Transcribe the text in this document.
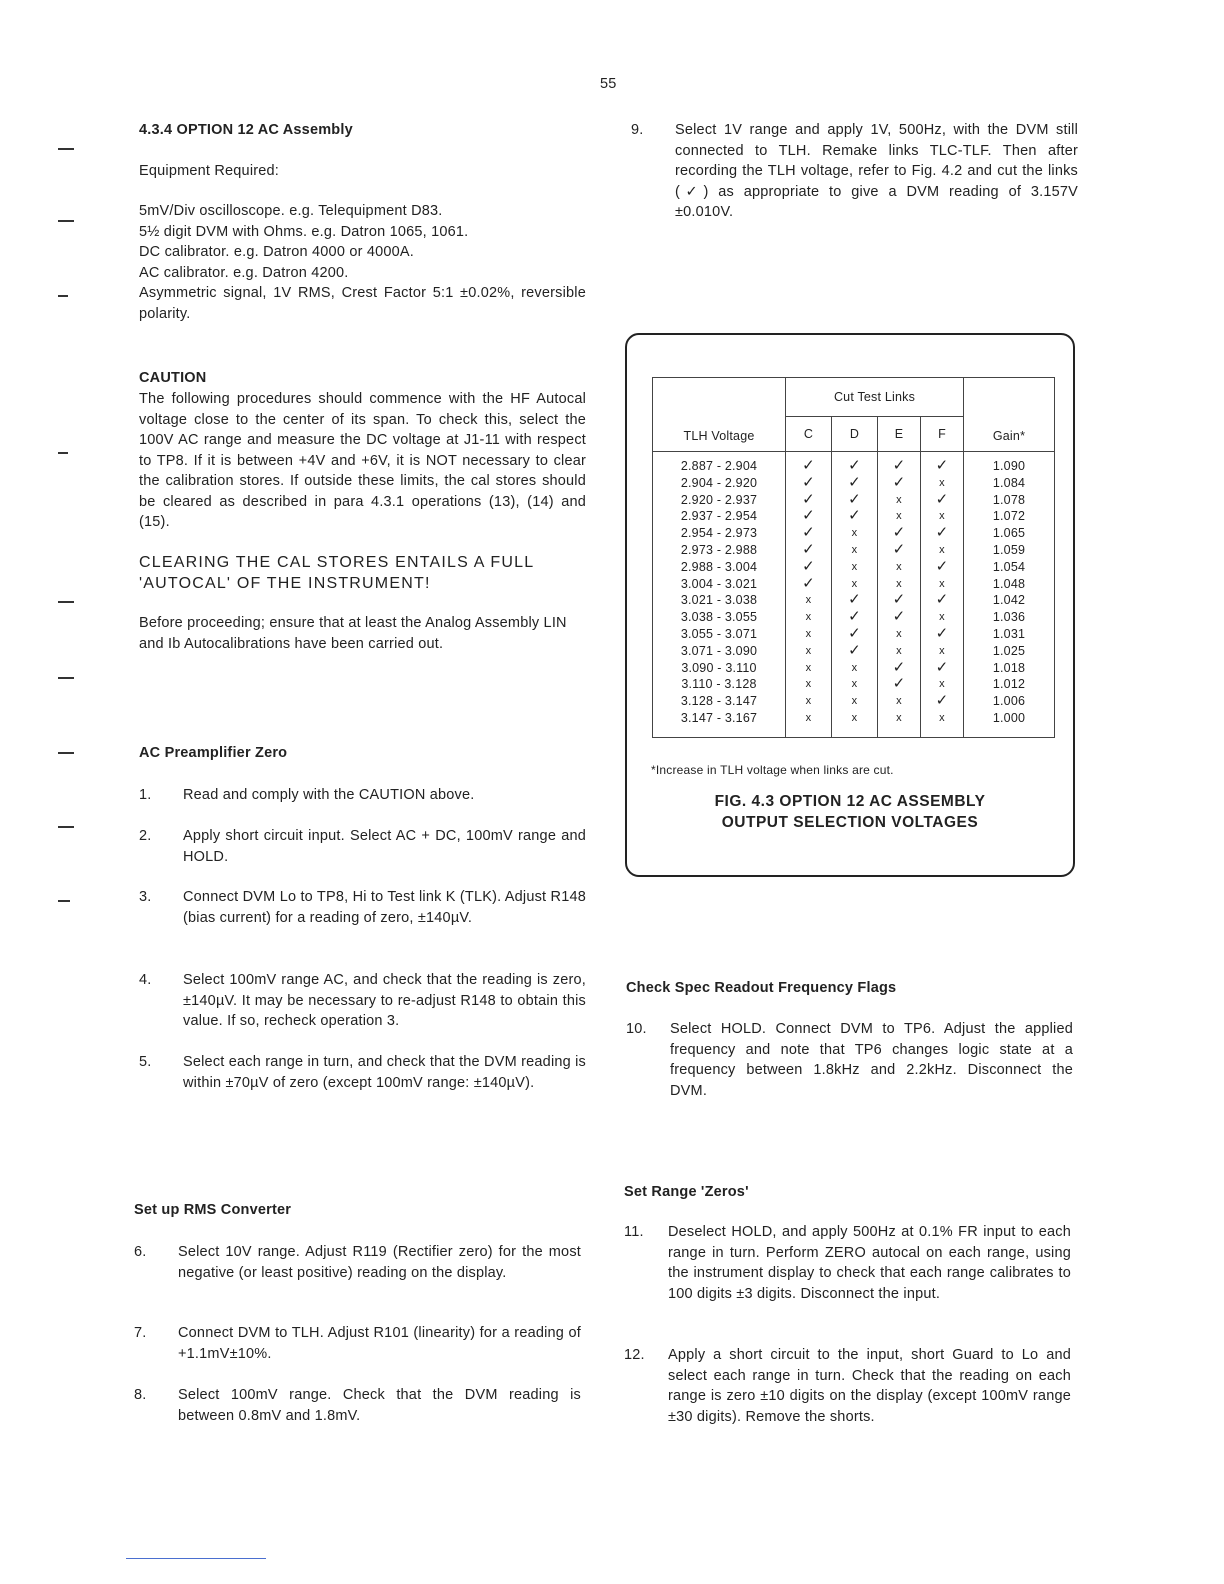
55
4.3.4 OPTION 12 AC Assembly
Equipment Required:
5mV/Div oscilloscope. e.g. Telequipment D83.
5½ digit DVM with Ohms. e.g. Datron 1065, 1061.
DC calibrator. e.g. Datron 4000 or 4000A.
AC calibrator. e.g. Datron 4200.
Asymmetric signal, 1V RMS, Crest Factor 5:1 ±0.02%, reversible polarity.
CAUTION
The following procedures should commence with the HF Autocal voltage close to the center of its span. To check this, select the 100V AC range and measure the DC voltage at J1-11 with respect to TP8. If it is between +4V and +6V, it is NOT necessary to clear the calibration stores. If outside these limits, the cal stores should be cleared as described in para 4.3.1 operations (13), (14) and (15).
CLEARING THE CAL STORES ENTAILS A FULL 'AUTOCAL' OF THE INSTRUMENT!
Before proceeding; ensure that at least the Analog Assembly LIN and Ib Autocalibrations have been carried out.
AC Preamplifier Zero
1.	Read and comply with the CAUTION above.
2.	Apply short circuit input. Select AC + DC, 100mV range and HOLD.
3.	Connect DVM Lo to TP8, Hi to Test link K (TLK). Adjust R148 (bias current) for a reading of zero, ±140µV.
4.	Select 100mV range AC, and check that the reading is zero, ±140µV. It may be necessary to re-adjust R148 to obtain this value. If so, recheck operation 3.
5.	Select each range in turn, and check that the DVM reading is within ±70µV of zero (except 100mV range: ±140µV).
Set up RMS Converter
6.	Select 10V range. Adjust R119 (Rectifier zero) for the most negative (or least positive) reading on the display.
7.	Connect DVM to TLH. Adjust R101 (linearity) for a reading of +1.1mV±10%.
8.	Select 100mV range. Check that the DVM reading is between 0.8mV and 1.8mV.
9.	Select 1V range and apply 1V, 500Hz, with the DVM still connected to TLH. Remake links TLC-TLF. Then after recording the TLH voltage, refer to Fig. 4.2 and cut the links (✓) as appropriate to give a DVM reading of 3.157V ±0.010V.
TLH Voltage	Cut Test Links				Gain*
	C	D	E	F	
2.887 - 2.904	✓	✓	✓	✓	1.090
2.904 - 2.920	✓	✓	✓	x	1.084
2.920 - 2.937	✓	✓	x	✓	1.078
2.937 - 2.954	✓	✓	x	x	1.072
2.954 - 2.973	✓	x	✓	✓	1.065
2.973 - 2.988	✓	x	✓	x	1.059
2.988 - 3.004	✓	x	x	✓	1.054
3.004 - 3.021	✓	x	x	x	1.048
3.021 - 3.038	x	✓	✓	✓	1.042
3.038 - 3.055	x	✓	✓	x	1.036
3.055 - 3.071	x	✓	x	✓	1.031
3.071 - 3.090	x	✓	x	x	1.025
3.090 - 3.110	x	x	✓	✓	1.018
3.110 - 3.128	x	x	✓	x	1.012
3.128 - 3.147	x	x	x	✓	1.006
3.147 - 3.167	x	x	x	x	1.000
*Increase in TLH voltage when links are cut.
FIG. 4.3 OPTION 12 AC ASSEMBLY
OUTPUT SELECTION VOLTAGES
Check Spec Readout Frequency Flags
10.	Select HOLD. Connect DVM to TP6. Adjust the applied frequency and note that TP6 changes logic state at a frequency between 1.8kHz and 2.2kHz. Disconnect the DVM.
Set Range 'Zeros'
11.	Deselect HOLD, and apply 500Hz at 0.1% FR input to each range in turn. Perform ZERO autocal on each range, using the instrument display to check that each range calibrates to 100 digits ±3 digits. Disconnect the input.
12.	Apply a short circuit to the input, short Guard to Lo and select each range in turn. Check that the reading on each range is zero ±10 digits on the display (except 100mV range ±30 digits). Remove the shorts.
